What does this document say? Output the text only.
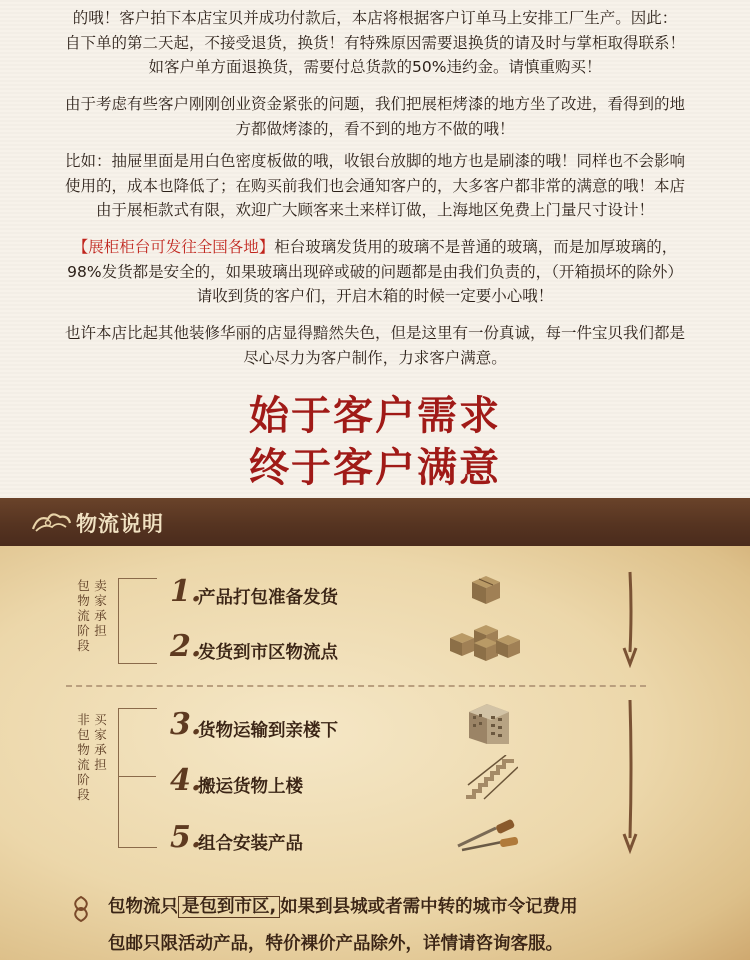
的哦！客户拍下本店宝贝并成功付款后，本店将根据客户订单马上安排工厂生产。因此：
自下单的第二天起，不接受退货，换货！有特殊原因需要退换货的请及时与掌柜取得联系！
如客户单方面退换货，需要付总货款的50%违约金。请慎重购买！

由于考虑有些客户刚刚创业资金紧张的问题，我们把展柜烤漆的地方坐了改进，看得到的地
方都做烤漆的，看不到的地方不做的哦！

比如：抽屉里面是用白色密度板做的哦，收银台放脚的地方也是刷漆的哦！同样也不会影响
使用的，成本也降低了；在购买前我们也会通知客户的，大多客户都非常的满意的哦！本店
由于展柜款式有限，欢迎广大顾客来土来样订做，上海地区免费上门量尺寸设计！

【展柜柜台可发往全国各地】柜台玻璃发货用的玻璃不是普通的玻璃，而是加厚玻璃的，
98%发货都是安全的，如果玻璃出现碎或破的问题都是由我们负责的，（开箱损坏的除外）
请收到货的客户们，开启木箱的时候一定要小心哦！

也许本店比起其他装修华丽的店显得黯然失色，但是这里有一份真诚，每一件宝贝我们都是
尽心尽力为客户制作，力求客户满意。

始于客户需求
终于客户满意
物流说明
卖家承担
包物流阶段
买家承担
非包物流阶段
1.
产品打包准备发货
2.
发货到市区物流点
3.
货物运输到亲楼下
4.
搬运货物上楼
5.
组合安装产品
包物流只 是包到市区, 如果到县城或者需中转的城市令记费用
包邮只限活动产品，特价裸价产品除外，详情请咨询客服。
